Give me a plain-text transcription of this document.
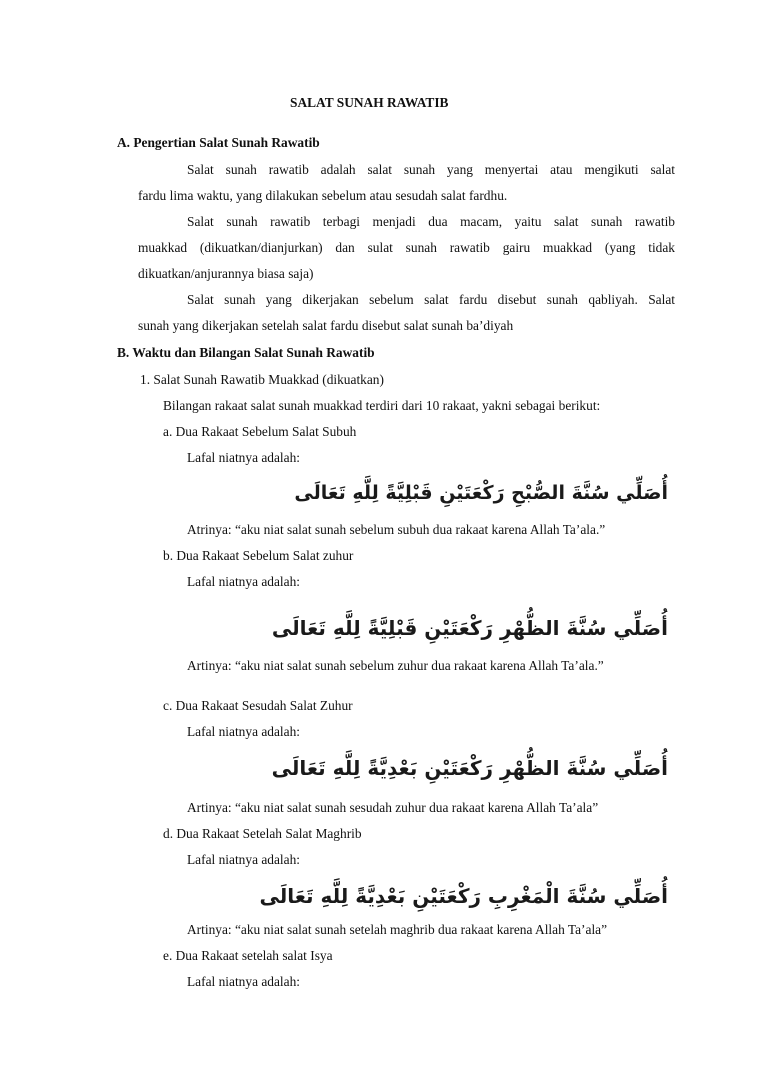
SALAT SUNAH RAWATIB
A. Pengertian Salat Sunah Rawatib
Salat sunah rawatib adalah salat sunah yang menyertai atau mengikuti salat
fardu lima waktu, yang dilakukan sebelum atau sesudah salat fardhu.
Salat sunah rawatib terbagi menjadi dua macam, yaitu salat sunah rawatib
muakkad (dikuatkan/dianjurkan) dan sulat sunah rawatib gairu muakkad (yang tidak
dikuatkan/anjurannya biasa saja)
Salat sunah yang dikerjakan sebelum salat fardu disebut sunah qabliyah. Salat
sunah yang dikerjakan setelah salat fardu disebut salat sunah ba’diyah
B. Waktu dan Bilangan Salat Sunah Rawatib
1. Salat Sunah Rawatib Muakkad (dikuatkan)
Bilangan rakaat salat sunah muakkad terdiri dari 10 rakaat, yakni sebagai berikut:
a. Dua Rakaat Sebelum Salat Subuh
Lafal niatnya adalah:
أُصَلِّي سُنَّةَ الصُّبْحِ رَكْعَتَيْنِ قَبْلِيَّةً لِلَّهِ تَعَالَى
Atrinya: “aku niat salat sunah sebelum subuh dua rakaat karena Allah Ta’ala.”
b. Dua Rakaat Sebelum Salat zuhur
Lafal niatnya adalah:
أُصَلِّي سُنَّةَ الظُّهْرِ رَكْعَتَيْنِ قَبْلِيَّةً لِلَّهِ تَعَالَى
Artinya: “aku niat salat sunah sebelum zuhur dua rakaat karena Allah Ta’ala.”
c. Dua Rakaat Sesudah Salat Zuhur
Lafal niatnya adalah:
أُصَلِّي سُنَّةَ الظُّهْرِ رَكْعَتَيْنِ بَعْدِيَّةً لِلَّهِ تَعَالَى
Artinya: “aku niat salat sunah sesudah zuhur dua rakaat karena Allah Ta’ala”
d. Dua Rakaat Setelah Salat Maghrib
Lafal niatnya adalah:
أُصَلِّي سُنَّةَ الْمَغْرِبِ رَكْعَتَيْنِ بَعْدِيَّةً لِلَّهِ تَعَالَى
Artinya: “aku niat salat sunah setelah maghrib dua rakaat karena Allah Ta’ala”
e. Dua Rakaat setelah salat Isya
Lafal niatnya adalah:
